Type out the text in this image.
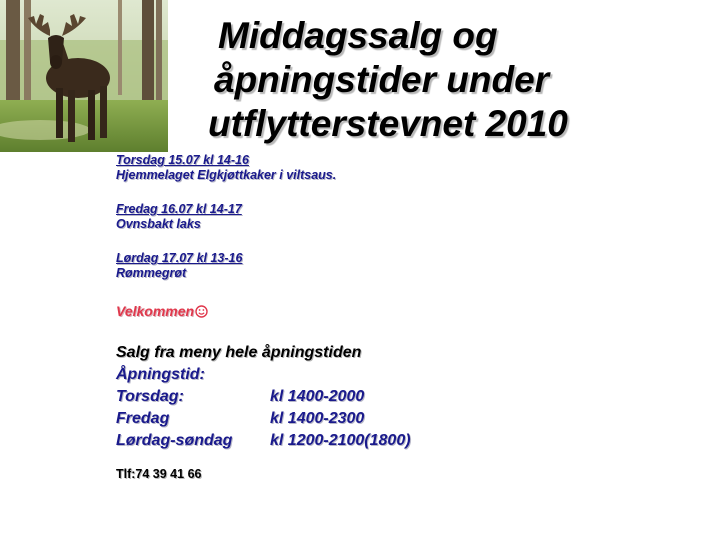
Middagssalg og
åpningstider under
utflytterstevnet 2010
Torsdag 15.07 kl 14-16
Hjemmelaget Elgkjøttkaker i viltsaus.
Fredag 16.07 kl 14-17
Ovnsbakt laks
Lørdag 17.07 kl 13-16
Rømmegrøt
Velkommen
Salg fra meny hele åpningstiden
Åpningstid:
Torsdag:	kl 1400-2000
Fredag	kl 1400-2300
Lørdag-søndag	kl 1200-2100(1800)
Tlf:74 39 41 66
